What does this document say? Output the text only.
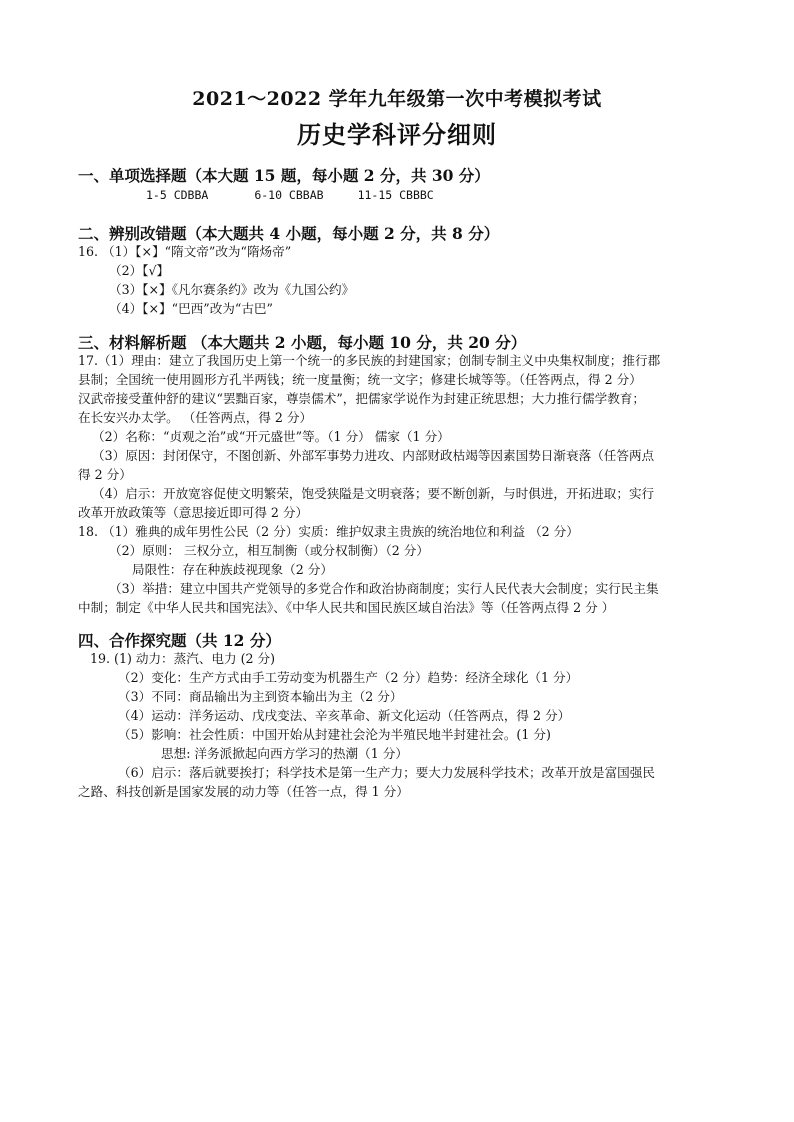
2021～2022 学年九年级第一次中考模拟考试
历史学科评分细则
一、单项选择题（本大题 15 题，每小题 2 分，共 30 分）
1-5 CDBBA	6-10 CBBAB	11-15 CBBBC
二、辨别改错题（本大题共 4 小题，每小题 2 分，共 8 分）
16. （1）【×】“隋文帝”改为“隋炀帝”
（2）【√】
（3）【×】《凡尔赛条约》改为《九国公约》
（4）【×】“巴西”改为“古巴”
三、材料解析题 （本大题共 2 小题，每小题 10 分，共 20 分）
17.（1）理由：建立了我国历史上第一个统一的多民族的封建国家；创制专制主义中央集权制度；推行郡
县制；全国统一使用圆形方孔半两钱；统一度量衡；统一文字；修建长城等等。（任答两点，得 2 分）
汉武帝接受董仲舒的建议“罢黜百家，尊崇儒术”，把儒家学说作为封建正统思想；大力推行儒学教育；
在长安兴办太学。 （任答两点，得 2 分）
（2）名称：“贞观之治”或“开元盛世”等。（1 分） 儒家（1 分）
（3）原因：封闭保守，不图创新、外部军事势力进攻、内部财政枯竭等因素国势日渐衰落（任答两点
得 2 分）
（4）启示：开放宽容促使文明繁荣，饱受狭隘是文明衰落；要不断创新，与时俱进，开拓进取；实行
改革开放政策等（意思接近即可得 2 分）
18. （1）雅典的成年男性公民（2 分）实质：维护奴隶主贵族的统治地位和利益 （2 分）
（2）原则： 三权分立，相互制衡（或分权制衡）（2 分）
局限性：存在种族歧视现象（2 分）
（3）举措：建立中国共产党领导的多党合作和政治协商制度；实行人民代表大会制度；实行民主集
中制；制定《中华人民共和国宪法》、《中华人民共和国民族区域自治法》等（任答两点得 2 分 ）
四、合作探究题（共 12 分）
19. (1) 动力：蒸汽、电力 (2 分)
（2）变化：生产方式由手工劳动变为机器生产（2 分）趋势：经济全球化（1 分）
（3）不同：商品输出为主到资本输出为主（2 分）
（4）运动：洋务运动、戊戌变法、辛亥革命、新文化运动（任答两点，得 2 分）
（5）影响：社会性质：中国开始从封建社会沦为半殖民地半封建社会。(1 分)
思想: 洋务派掀起向西方学习的热潮（1 分）
（6）启示：落后就要挨打；科学技术是第一生产力；要大力发展科学技术；改革开放是富国强民
之路、科技创新是国家发展的动力等（任答一点，得 1 分）
